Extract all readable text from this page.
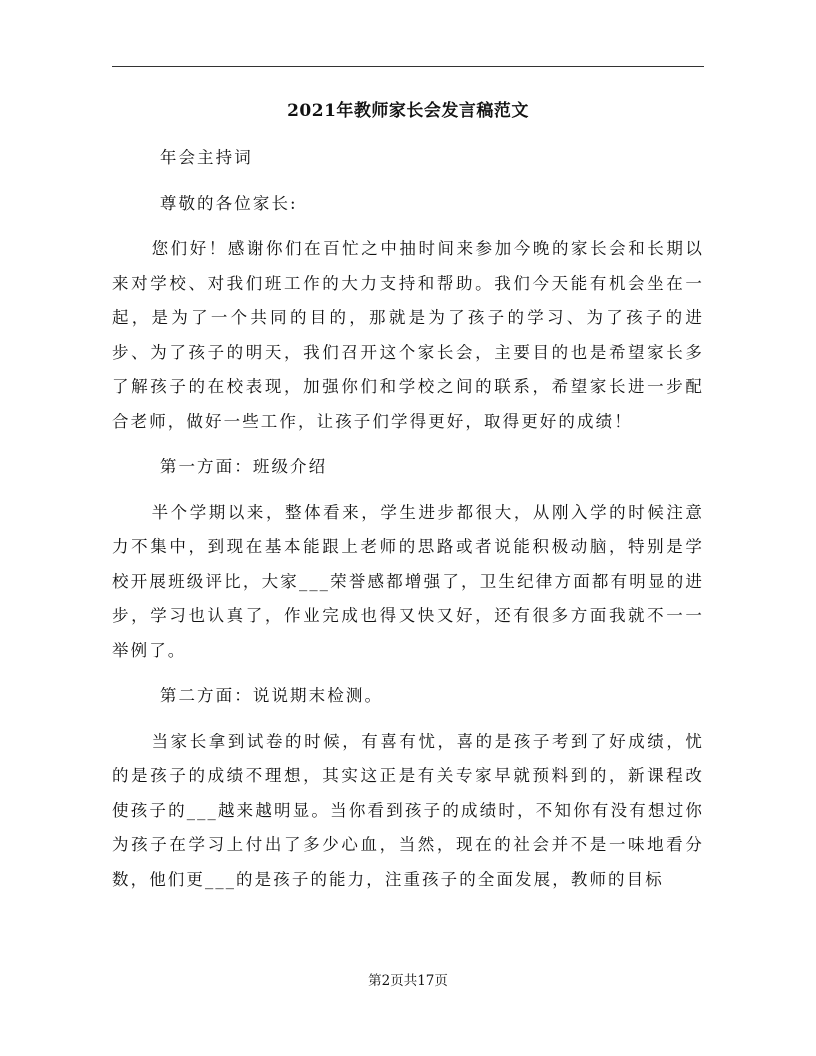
2021年教师家长会发言稿范文

年会主持词

尊敬的各位家长:

您们好！感谢你们在百忙之中抽时间来参加今晚的家长会和长期以来对学校、对我们班工作的大力支持和帮助。我们今天能有机会坐在一起，是为了一个共同的目的，那就是为了孩子的学习、为了孩子的进步、为了孩子的明天，我们召开这个家长会，主要目的也是希望家长多了解孩子的在校表现，加强你们和学校之间的联系，希望家长进一步配合老师，做好一些工作，让孩子们学得更好，取得更好的成绩！

第一方面：班级介绍

半个学期以来，整体看来，学生进步都很大，从刚入学的时候注意力不集中，到现在基本能跟上老师的思路或者说能积极动脑，特别是学校开展班级评比，大家___荣誉感都增强了，卫生纪律方面都有明显的进步，学习也认真了，作业完成也得又快又好，还有很多方面我就不一一举例了。

第二方面：说说期末检测。

当家长拿到试卷的时候，有喜有忧，喜的是孩子考到了好成绩，忧的是孩子的成绩不理想，其实这正是有关专家早就预料到的，新课程改使孩子的___越来越明显。当你看到孩子的成绩时，不知你有没有想过你为孩子在学习上付出了多少心血，当然，现在的社会并不是一味地看分数，他们更___的是孩子的能力，注重孩子的全面发展，教师的目标

第2页共17页
